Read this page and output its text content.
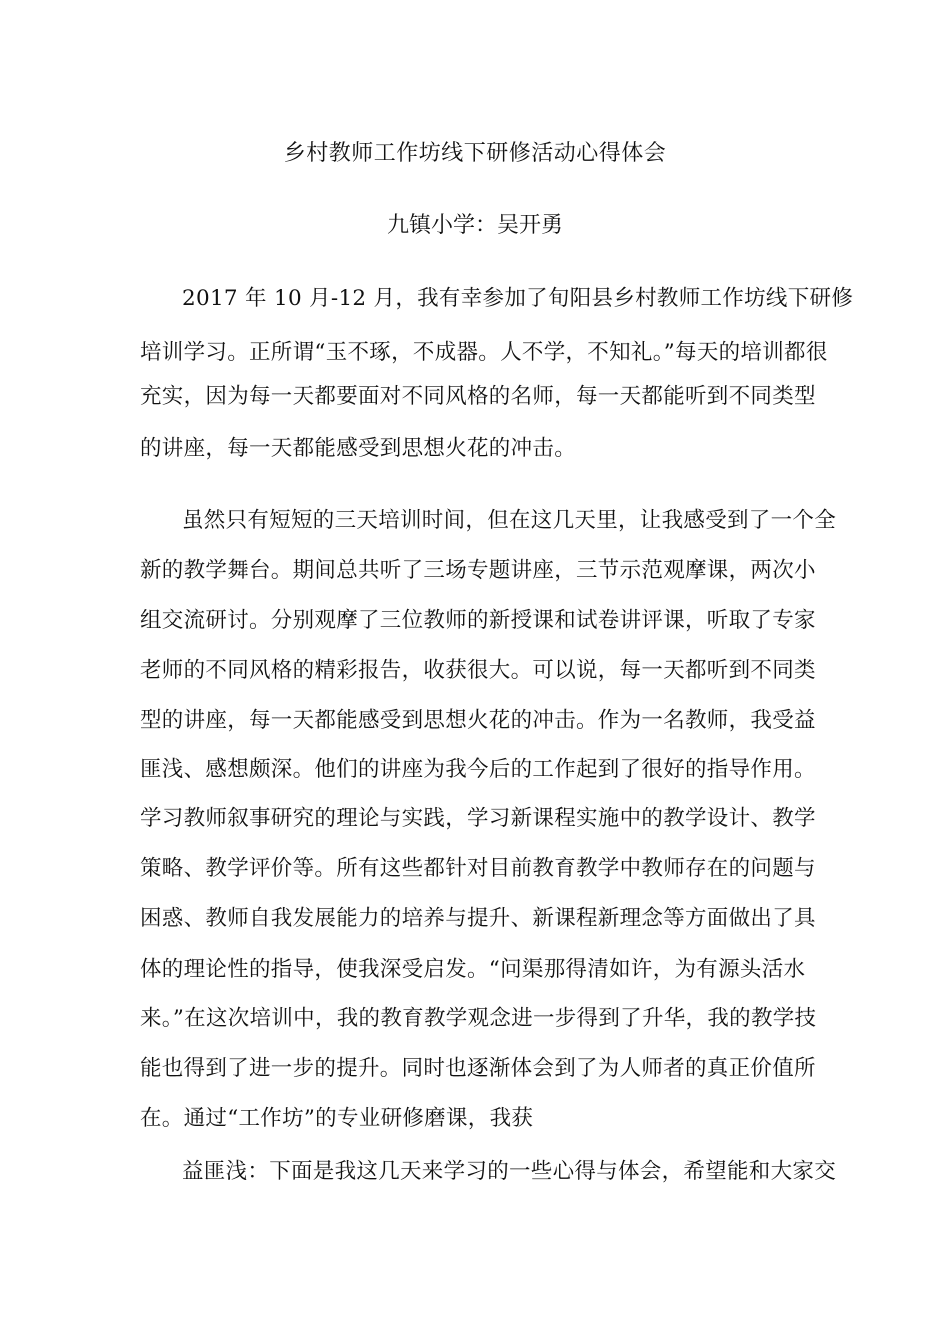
乡村教师工作坊线下研修活动心得体会
九镇小学：吴开勇
2017 年 10 月-12 月，我有幸参加了旬阳县乡村教师工作坊线下研修
培训学习。正所谓“玉不琢，不成器。人不学，不知礼。”每天的培训都很
充实，因为每一天都要面对不同风格的名师，每一天都能听到不同类型
的讲座，每一天都能感受到思想火花的冲击。
虽然只有短短的三天培训时间，但在这几天里，让我感受到了一个全
新的教学舞台。期间总共听了三场专题讲座，三节示范观摩课，两次小
组交流研讨。分别观摩了三位教师的新授课和试卷讲评课，听取了专家
老师的不同风格的精彩报告，收获很大。可以说，每一天都听到不同类
型的讲座，每一天都能感受到思想火花的冲击。作为一名教师，我受益
匪浅、感想颇深。他们的讲座为我今后的工作起到了很好的指导作用。
学习教师叙事研究的理论与实践，学习新课程实施中的教学设计、教学
策略、教学评价等。所有这些都针对目前教育教学中教师存在的问题与
困惑、教师自我发展能力的培养与提升、新课程新理念等方面做出了具
体的理论性的指导，使我深受启发。“问渠那得清如许，为有源头活水
来。”在这次培训中，我的教育教学观念进一步得到了升华，我的教学技
能也得到了进一步的提升。同时也逐渐体会到了为人师者的真正价值所
在。通过“工作坊”的专业研修磨课，我获
益匪浅：下面是我这几天来学习的一些心得与体会，希望能和大家交
